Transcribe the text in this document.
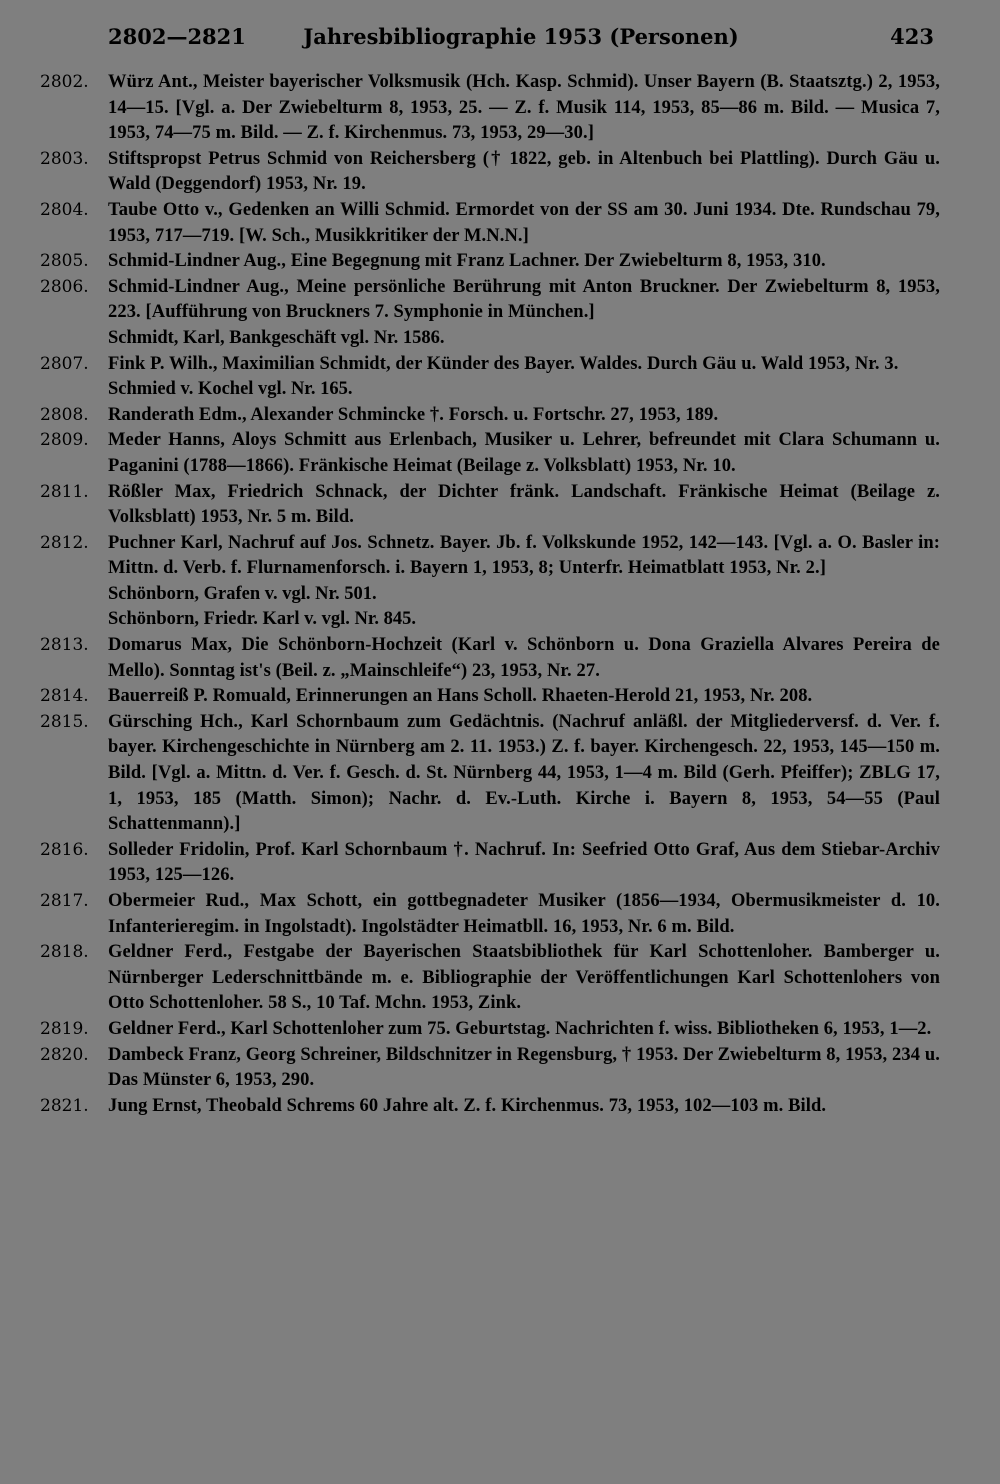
2802—2821	Jahresbibliographie 1953 (Personen)	423
2802.	Würz Ant., Meister bayerischer Volksmusik (Hch. Kasp. Schmid). Unser Bayern (B. Staatsztg.) 2, 1953, 14—15. [Vgl. a. Der Zwiebelturm 8, 1953, 25. — Z. f. Musik 114, 1953, 85—86 m. Bild. — Musica 7, 1953, 74—75 m. Bild. — Z. f. Kirchenmus. 73, 1953, 29—30.]
2803.	Stiftspropst Petrus Schmid von Reichersberg († 1822, geb. in Altenbuch bei Plattling). Durch Gäu u. Wald (Deggendorf) 1953, Nr. 19.
2804.	Taube Otto v., Gedenken an Willi Schmid. Ermordet von der SS am 30. Juni 1934. Dte. Rundschau 79, 1953, 717—719. [W. Sch., Musikkritiker der M.N.N.]
2805.	Schmid-Lindner Aug., Eine Begegnung mit Franz Lachner. Der Zwiebelturm 8, 1953, 310.
2806.	Schmid-Lindner Aug., Meine persönliche Berührung mit Anton Bruckner. Der Zwiebelturm 8, 1953, 223. [Aufführung von Bruckners 7. Symphonie in München.]
Schmidt, Karl, Bankgeschäft vgl. Nr. 1586.
2807.	Fink P. Wilh., Maximilian Schmidt, der Künder des Bayer. Waldes. Durch Gäu u. Wald 1953, Nr. 3.
Schmied v. Kochel vgl. Nr. 165.
2808.	Randerath Edm., Alexander Schmincke †. Forsch. u. Fortschr. 27, 1953, 189.
2809.	Meder Hanns, Aloys Schmitt aus Erlenbach, Musiker u. Lehrer, befreundet mit Clara Schumann u. Paganini (1788—1866). Fränkische Heimat (Beilage z. Volksblatt) 1953, Nr. 10.
2811.	Rößler Max, Friedrich Schnack, der Dichter fränk. Landschaft. Fränkische Heimat (Beilage z. Volksblatt) 1953, Nr. 5 m. Bild.
2812.	Puchner Karl, Nachruf auf Jos. Schnetz. Bayer. Jb. f. Volkskunde 1952, 142—143. [Vgl. a. O. Basler in: Mittn. d. Verb. f. Flurnamenforsch. i. Bayern 1, 1953, 8; Unterfr. Heimatblatt 1953, Nr. 2.]
Schönborn, Grafen v. vgl. Nr. 501.
Schönborn, Friedr. Karl v. vgl. Nr. 845.
2813.	Domarus Max, Die Schönborn-Hochzeit (Karl v. Schönborn u. Dona Graziella Alvares Pereira de Mello). Sonntag ist's (Beil. z. „Mainschleife“) 23, 1953, Nr. 27.
2814.	Bauerreiß P. Romuald, Erinnerungen an Hans Scholl. Rhaeten-Herold 21, 1953, Nr. 208.
2815.	Gürsching Hch., Karl Schornbaum zum Gedächtnis. (Nachruf anläßl. der Mitgliederversf. d. Ver. f. bayer. Kirchengeschichte in Nürnberg am 2. 11. 1953.) Z. f. bayer. Kirchengesch. 22, 1953, 145—150 m. Bild. [Vgl. a. Mittn. d. Ver. f. Gesch. d. St. Nürnberg 44, 1953, 1—4 m. Bild (Gerh. Pfeiffer); ZBLG 17, 1, 1953, 185 (Matth. Simon); Nachr. d. Ev.-Luth. Kirche i. Bayern 8, 1953, 54—55 (Paul Schattenmann).]
2816.	Solleder Fridolin, Prof. Karl Schornbaum †. Nachruf. In: Seefried Otto Graf, Aus dem Stiebar-Archiv 1953, 125—126.
2817.	Obermeier Rud., Max Schott, ein gottbegnadeter Musiker (1856—1934, Obermusikmeister d. 10. Infanterieregim. in Ingolstadt). Ingolstädter Heimatbll. 16, 1953, Nr. 6 m. Bild.
2818.	Geldner Ferd., Festgabe der Bayerischen Staatsbibliothek für Karl Schottenloher. Bamberger u. Nürnberger Lederschnittbände m. e. Bibliographie der Veröffentlichungen Karl Schottenlohers von Otto Schottenloher. 58 S., 10 Taf. Mchn. 1953, Zink.
2819.	Geldner Ferd., Karl Schottenloher zum 75. Geburtstag. Nachrichten f. wiss. Bibliotheken 6, 1953, 1—2.
2820.	Dambeck Franz, Georg Schreiner, Bildschnitzer in Regensburg, † 1953. Der Zwiebelturm 8, 1953, 234 u. Das Münster 6, 1953, 290.
2821.	Jung Ernst, Theobald Schrems 60 Jahre alt. Z. f. Kirchenmus. 73, 1953, 102—103 m. Bild.
